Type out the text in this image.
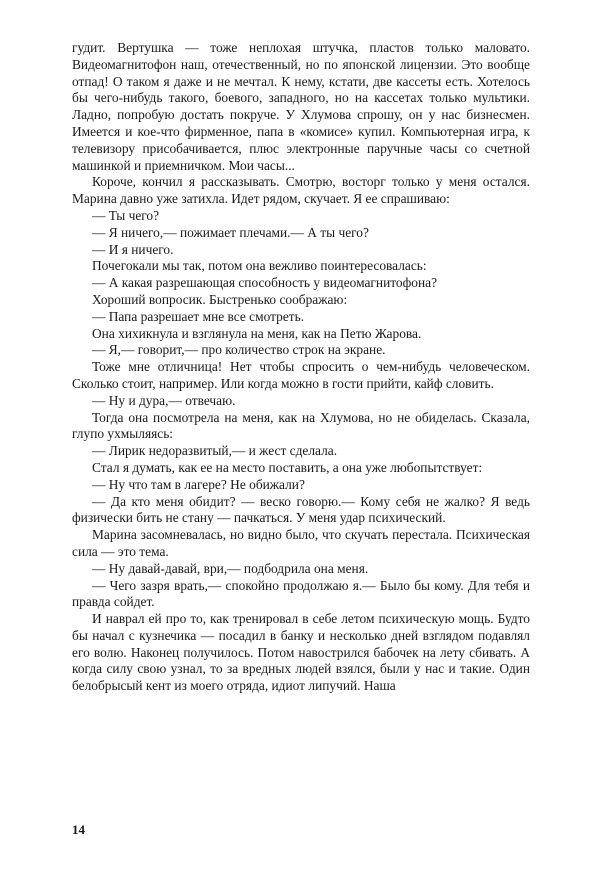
гудит. Вертушка — тоже неплохая штучка, пластов только маловато. Видеомагнитофон наш, отечественный, но по японской лицензии. Это вообще отпад! О таком я даже и не мечтал. К нему, кстати, две кассеты есть. Хотелось бы чего-нибудь такого, боевого, западного, но на кассетах только мультики. Ладно, попробую достать покруче. У Хлумова спрошу, он у нас бизнесмен. Имеется и кое-что фирменное, папа в «комисе» купил. Компьютерная игра, к телевизору присобачивается, плюс электронные паручные часы со счетной машинкой и приемничком. Мои часы...

Короче, кончил я рассказывать. Смотрю, восторг только у меня остался. Марина давно уже затихла. Идет рядом, скучает. Я ее спрашиваю:

— Ты чего?

— Я ничего,— пожимает плечами.— А ты чего?

— И я ничего.

Почегокали мы так, потом она вежливо поинтересовалась:

— А какая разрешающая способность у видеомагнитофона?

Хороший вопросик. Быстренько соображаю:

— Папа разрешает мне все смотреть.

Она хихикнула и взглянула на меня, как на Петю Жарова.

— Я,— говорит,— про количество строк на экране.

Тоже мне отличница! Нет чтобы спросить о чем-нибудь человеческом. Сколько стоит, например. Или когда можно в гости прийти, кайф словить.

— Ну и дура,— отвечаю.

Тогда она посмотрела на меня, как на Хлумова, но не обиделась. Сказала, глупо ухмыляясь:

— Лирик недоразвитый,— и жест сделала.

Стал я думать, как ее на место поставить, а она уже любопытствует:

— Ну что там в лагере? Не обижали?

— Да кто меня обидит? — веско говорю.— Кому себя не жалко? Я ведь физически бить не стану — пачкаться. У меня удар психический.

Марина засомневалась, но видно было, что скучать перестала. Психическая сила — это тема.

— Ну давай-давай, ври,— подбодрила она меня.

— Чего зазря врать,— спокойно продолжаю я.— Было бы кому. Для тебя и правда сойдет.

И наврал ей про то, как тренировал в себе летом психическую мощь. Будто бы начал с кузнечика — посадил в банку и несколько дней взглядом подавлял его волю. Наконец получилось. Потом навострился бабочек на лету сбивать. А когда силу свою узнал, то за вредных людей взялся, были у нас и такие. Один белобрысый кент из моего отряда, идиот липучий. Наша

14
